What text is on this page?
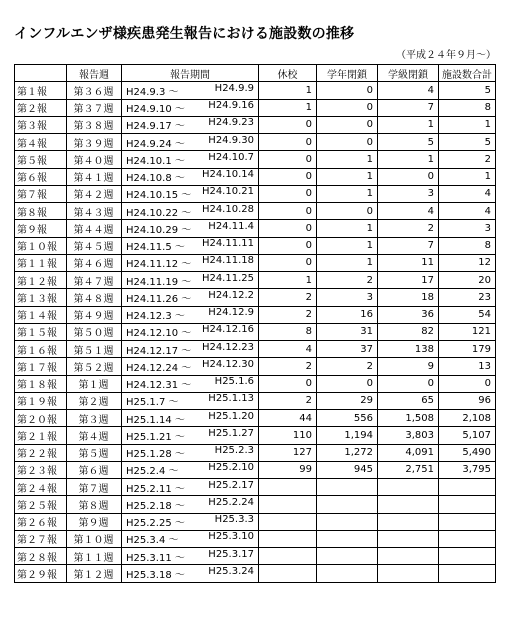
インフルエンザ様疾患発生報告における施設数の推移
（平成２４年９月～）
	報告週	報告期間	休校	学年閉鎖	学級閉鎖	施設数合計
第１報	第３６週	H24.9.3 〜 H24.9.9	1	0	4	5
第２報	第３７週	H24.9.10 〜 H24.9.16	1	0	7	8
第３報	第３８週	H24.9.17 〜 H24.9.23	0	0	1	1
第４報	第３９週	H24.9.24 〜 H24.9.30	0	0	5	5
第５報	第４０週	H24.10.1 〜 H24.10.7	0	1	1	2
第６報	第４１週	H24.10.8 〜 H24.10.14	0	1	0	1
第７報	第４２週	H24.10.15 〜 H24.10.21	0	1	3	4
第８報	第４３週	H24.10.22 〜 H24.10.28	0	0	4	4
第９報	第４４週	H24.10.29 〜 H24.11.4	0	1	2	3
第１０報	第４５週	H24.11.5 〜 H24.11.11	0	1	7	8
第１１報	第４６週	H24.11.12 〜 H24.11.18	0	1	11	12
第１２報	第４７週	H24.11.19 〜 H24.11.25	1	2	17	20
第１３報	第４８週	H24.11.26 〜 H24.12.2	2	3	18	23
第１４報	第４９週	H24.12.3 〜 H24.12.9	2	16	36	54
第１５報	第５０週	H24.12.10 〜 H24.12.16	8	31	82	121
第１６報	第５１週	H24.12.17 〜 H24.12.23	4	37	138	179
第１７報	第５２週	H24.12.24 〜 H24.12.30	2	2	9	13
第１８報	第１週	H24.12.31 〜 H25.1.6	0	0	0	0
第１９報	第２週	H25.1.7 〜 H25.1.13	2	29	65	96
第２０報	第３週	H25.1.14 〜 H25.1.20	44	556	1,508	2,108
第２１報	第４週	H25.1.21 〜 H25.1.27	110	1,194	3,803	5,107
第２２報	第５週	H25.1.28 〜 H25.2.3	127	1,272	4,091	5,490
第２３報	第６週	H25.2.4 〜 H25.2.10	99	945	2,751	3,795
第２４報	第７週	H25.2.11 〜 H25.2.17				

第２５報	第８週	H25.2.18 〜 H25.2.24				

第２６報	第９週	H25.2.25 〜 H25.3.3				

第２７報	第１０週	H25.3.4 〜 H25.3.10				

第２８報	第１１週	H25.3.11 〜 H25.3.17				

第２９報	第１２週	H25.3.18 〜 H25.3.24				
